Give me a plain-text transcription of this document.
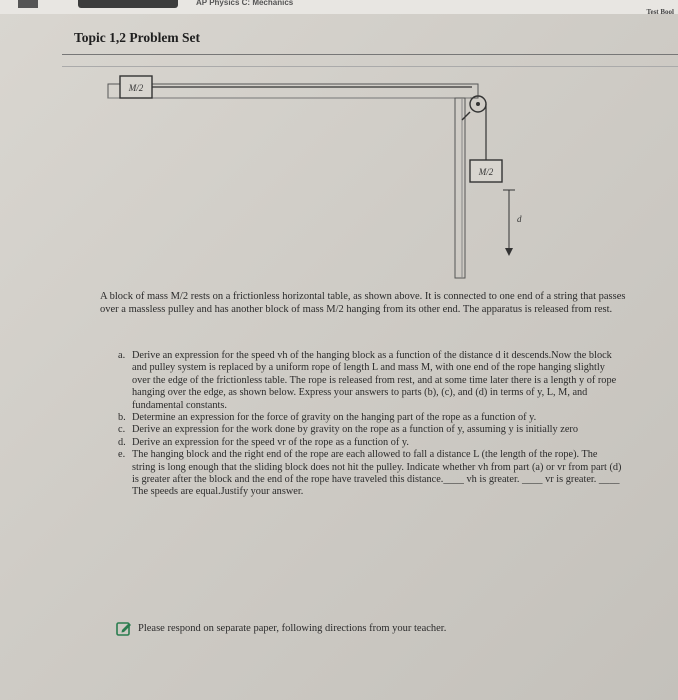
AP Physics C: Mechanics
Test Bool
Topic 1,2 Problem Set
M/2
M/2
d
A block of mass M/2 rests on a frictionless horizontal table, as shown above. It is connected to one end of a string that passes over a massless pulley and has another block of mass M/2 hanging from its other end. The apparatus is released from rest.
a. Derive an expression for the speed vh of the hanging block as a function of the distance d it descends.Now the block and pulley system is replaced by a uniform rope of length L and mass M, with one end of the rope hanging slightly over the edge of the frictionless table. The rope is released from rest, and at some time later there is a length y of rope hanging over the edge, as shown below. Express your answers to parts (b), (c), and (d) in terms of y, L, M, and fundamental constants.
b. Determine an expression for the force of gravity on the hanging part of the rope as a function of y.
c. Derive an expression for the work done by gravity on the rope as a function of y, assuming y is initially zero
d. Derive an expression for the speed vr of the rope as a function of y.
e. The hanging block and the right end of the rope are each allowed to fall a distance L (the length of the rope). The string is long enough that the sliding block does not hit the pulley. Indicate whether vh from part (a) or vr from part (d) is greater after the block and the end of the rope have traveled this distance.____ vh is greater. ____ vr is greater. ____ The speeds are equal.Justify your answer.
Please respond on separate paper, following directions from your teacher.
